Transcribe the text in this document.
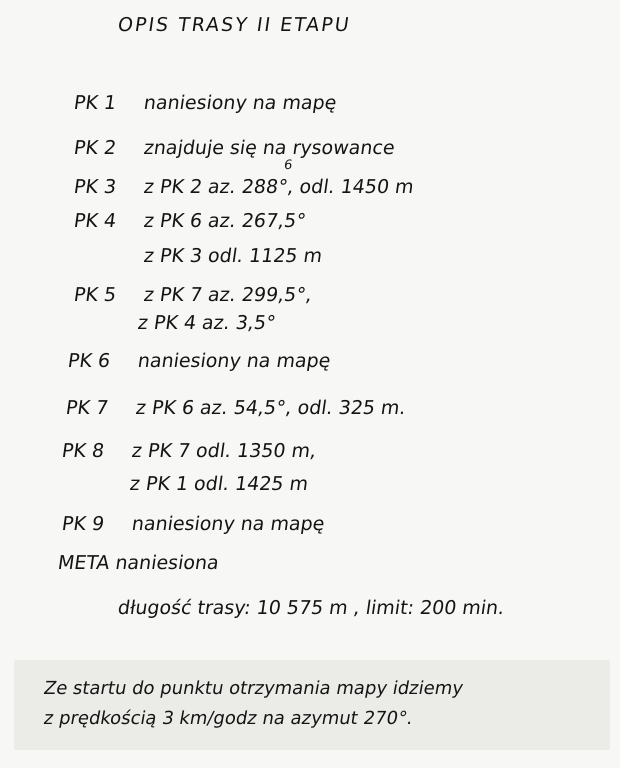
OPIS TRASY II ETAPU
PK 1 naniesiony na mapę
PK 2 znajduje się na rysowance
6
PK 3 z PK 2 az. 288°, odl. 1450 m
PK 4 z PK 6 az. 267,5°
z PK 3 odl. 1125 m
PK 5 z PK 7 az. 299,5°,
z PK 4 az. 3,5°
PK 6 naniesiony na mapę
PK 7 z PK 6 az. 54,5°, odl. 325 m.
PK 8 z PK 7 odl. 1350 m,
z PK 1 odl. 1425 m
PK 9 naniesiony na mapę
META naniesiona
długość trasy: 10 575 m , limit: 200 min.
Ze startu do punktu otrzymania mapy idziemy
z prędkością 3 km/godz na azymut 270°.
